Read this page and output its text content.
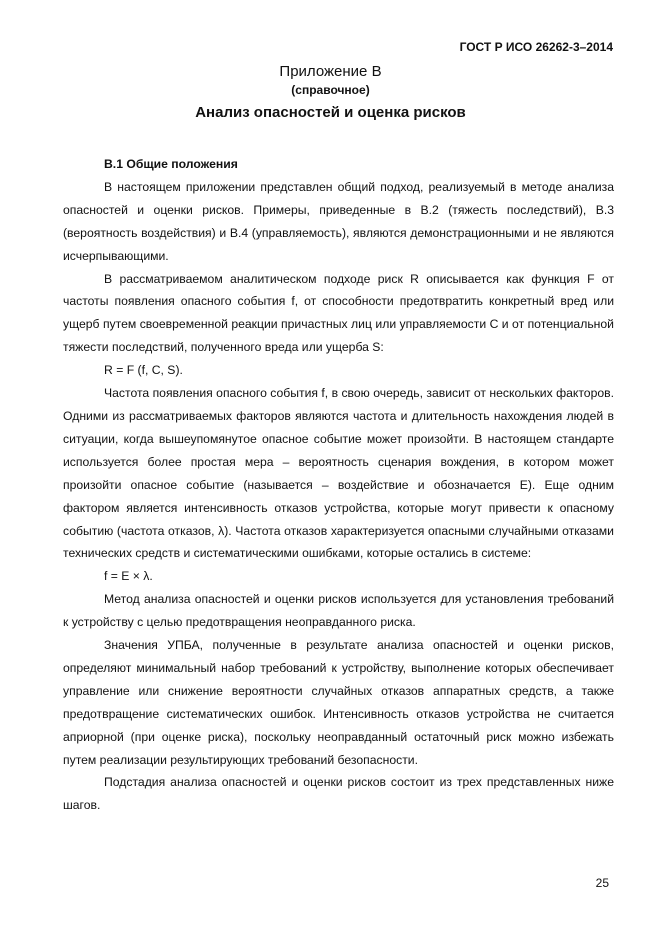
ГОСТ Р ИСО 26262-3–2014
Приложение В
(справочное)
Анализ опасностей и оценка рисков

В.1 Общие положения

В настоящем приложении представлен общий подход, реализуемый в методе анализа опасностей и оценки рисков. Примеры, приведенные в В.2 (тяжесть последствий), В.3 (вероятность воздействия) и В.4 (управляемость), являются демонстрационными и не являются исчерпывающими.

В рассматриваемом аналитическом подходе риск R описывается как функция F от частоты появления опасного события f, от способности предотвратить конкретный вред или ущерб путем своевременной реакции причастных лиц или управляемости C и от потенциальной тяжести последствий, полученного вреда или ущерба S:

R = F (f, C, S).

Частота появления опасного события f, в свою очередь, зависит от нескольких факторов. Одними из рассматриваемых факторов являются частота и длительность нахождения людей в ситуации, когда вышеупомянутое опасное событие может произойти. В настоящем стандарте используется более простая мера – вероятность сценария вождения, в котором может произойти опасное событие (называется – воздействие и обозначается E). Еще одним фактором является интенсивность отказов устройства, которые могут привести к опасному событию (частота отказов, λ). Частота отказов характеризуется опасными случайными отказами технических средств и систематическими ошибками, которые остались в системе:

f = E × λ.

Метод анализа опасностей и оценки рисков используется для установления требований к устройству с целью предотвращения неоправданного риска.

Значения УПБА, полученные в результате анализа опасностей и оценки рисков, определяют минимальный набор требований к устройству, выполнение которых обеспечивает управление или снижение вероятности случайных отказов аппаратных средств, а также предотвращение систематических ошибок. Интенсивность отказов устройства не считается априорной (при оценке риска), поскольку неоправданный остаточный риск можно избежать путем реализации результирующих требований безопасности.

Подстадия анализа опасностей и оценки рисков состоит из трех представленных ниже шагов.

25
